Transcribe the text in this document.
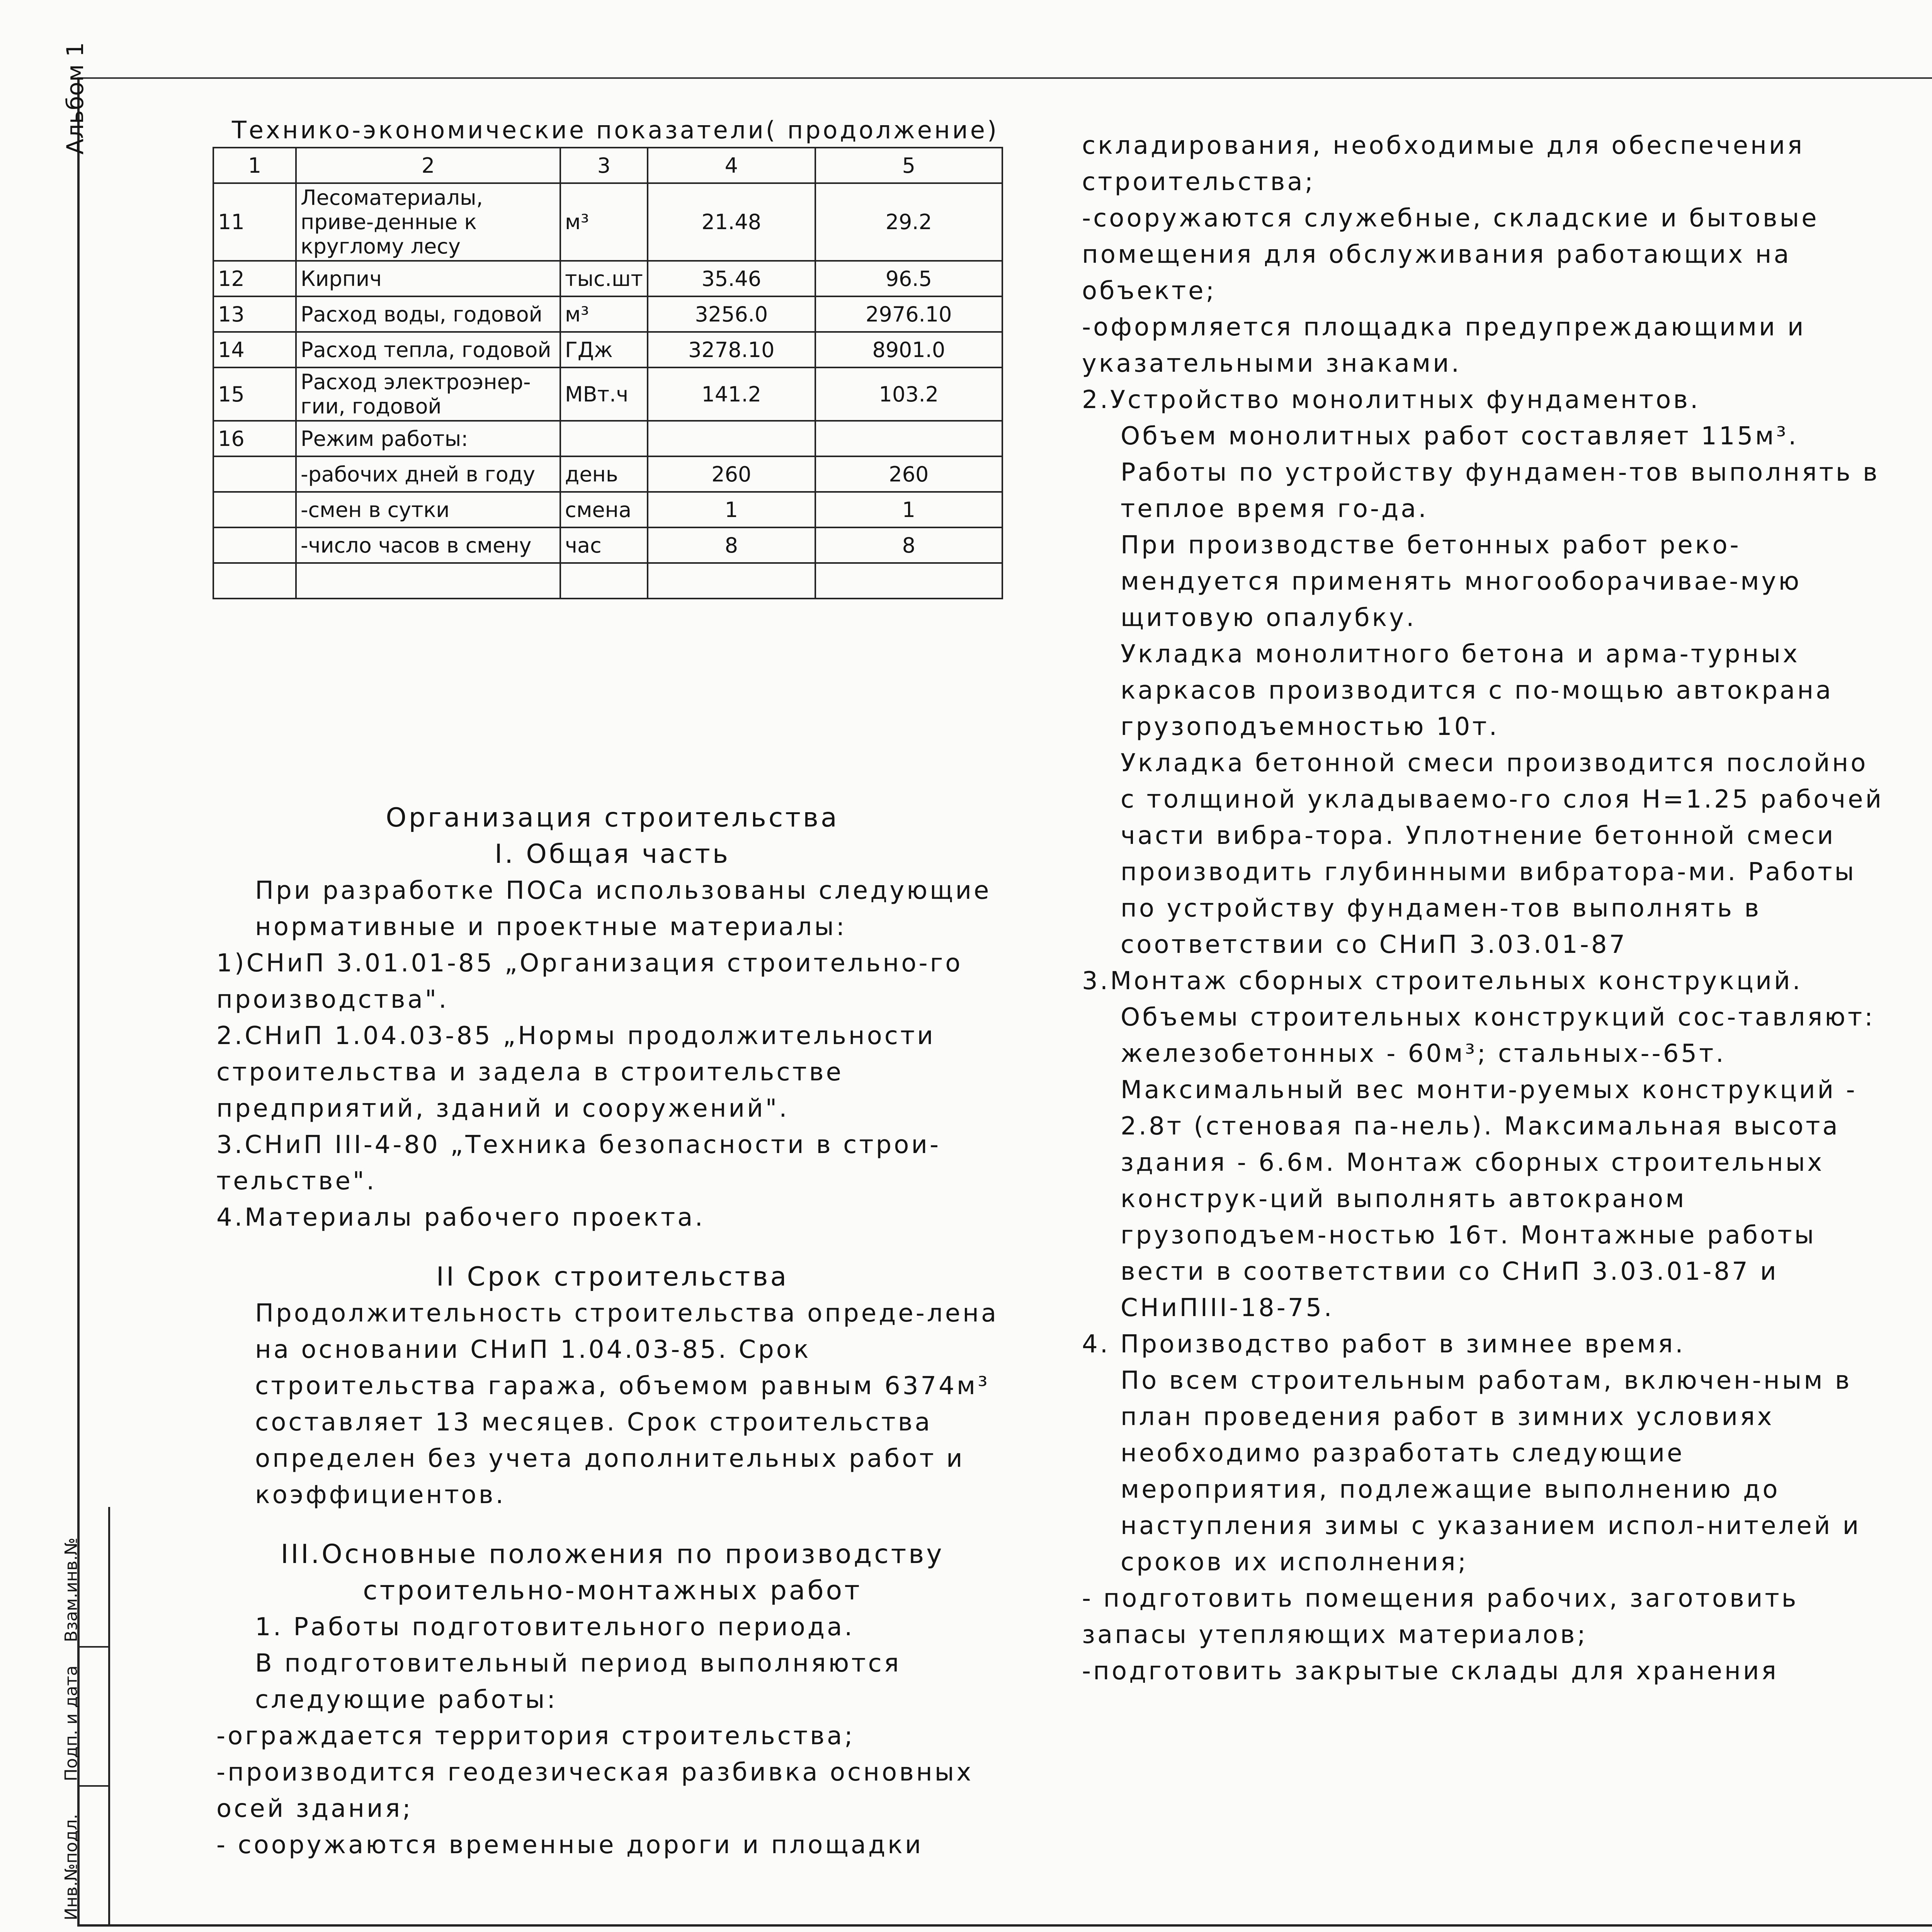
Альбом 1
Взам.инв.№
Подп. и дата
Инв.№подл.
Технико-экономические показатели( продолжение)
1	2	3	4	5
11	Лесоматериалы, приве-денные к круглому лесу	м³	21.48	29.2
12	Кирпич	тыс.шт	35.46	96.5
13	Расход воды, годовой	м³	3256.0	2976.10
14	Расход тепла, годовой	ГДж	3278.10	8901.0
15	Расход электроэнер-гии, годовой	МВт.ч	141.2	103.2
16	Режим работы:			
	-рабочих дней в году	день	260	260
	-смен в сутки	смена	1	1
	-число часов в смену	час	8	8

Организация строительства

I. Общая часть

При разработке ПОСа использованы следующие нормативные и проектные материалы:

1)СНиП 3.01.01-85 „Организация строительно-го производства".

2.СНиП 1.04.03-85 „Нормы продолжительности строительства и задела в строительстве предприятий, зданий и сооружений".

3.СНиП III-4-80 „Техника безопасности в строи-тельстве".

4.Материалы рабочего проекта.

II Срок строительства

Продолжительность строительства опреде-лена на основании СНиП 1.04.03-85. Срок строительства гаража, объемом равным 6374м³ составляет 13 месяцев. Срок строительства определен без учета дополнительных работ и коэффициентов.

III.Основные положения по производству строительно-монтажных работ

1. Работы подготовительного периода.

В подготовительный период выполняются следующие работы:

-ограждается территория строительства;

-производится геодезическая разбивка основных осей здания;

- сооружаются временные дороги и площадки

складирования, необходимые для обеспечения строительства;

-сооружаются служебные, складские и бытовые помещения для обслуживания работающих на объекте;

-оформляется площадка предупреждающими и указательными знаками.

2.Устройство монолитных фундаментов.

Объем монолитных работ составляет 115м³. Работы по устройству фундамен-тов выполнять в теплое время го-да.

При производстве бетонных работ реко-мендуется применять многооборачивае-мую щитовую опалубку.

Укладка монолитного бетона и арма-турных каркасов производится с по-мощью автокрана грузоподъемностью 10т.

Укладка бетонной смеси производится послойно с толщиной укладываемо-го слоя H=1.25 рабочей части вибра-тора. Уплотнение бетонной смеси производить глубинными вибратора-ми. Работы по устройству фундамен-тов выполнять в соответствии со СНиП 3.03.01-87

3.Монтаж сборных строительных конструкций.

Объемы строительных конструкций сос-тавляют: железобетонных - 60м³; стальных--65т. Максимальный вес монти-руемых конструкций - 2.8т (стеновая па-нель). Максимальная высота здания - 6.6м. Монтаж сборных строительных конструк-ций выполнять автокраном грузоподъем-ностью 16т. Монтажные работы вести в соответствии со СНиП 3.03.01-87 и СНиПIII-18-75.

4. Производство работ в зимнее время.

По всем строительным работам, включен-ным в план проведения работ в зимних условиях необходимо разработать следующие мероприятия, подлежащие выполнению до наступления зимы с указанием испол-нителей и сроков их исполнения;

- подготовить помещения рабочих, заготовить запасы утепляющих материалов;

-подготовить закрытые склады для хранения
